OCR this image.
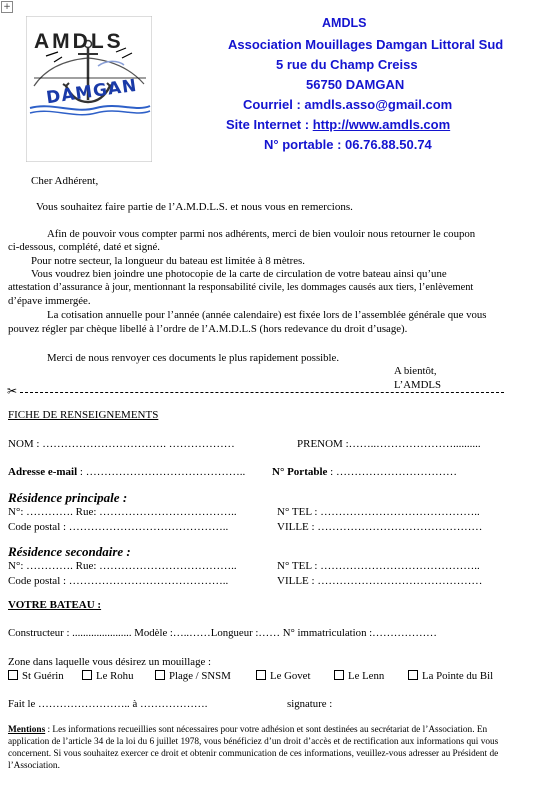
+
AMDLS
DAMGAN
AMDLS
Association Mouillages Damgan Littoral Sud
5 rue du Champ Creiss
56750 DAMGAN
Courriel : amdls.asso@gmail.com
Site Internet : http://www.amdls.com
N° portable : 06.76.88.50.74
Cher Adhérent,
Vous souhaitez faire partie de l’A.M.D.L.S. et nous vous en remercions.
Afin de pouvoir vous compter parmi nos adhérents, merci de bien vouloir nous retourner le coupon
ci-dessous, complété, daté et signé.
Pour notre secteur, la longueur du bateau est limitée à 8 mètres.
Vous voudrez bien joindre une photocopie de la carte de circulation de votre bateau ainsi qu’une
attestation d’assurance à jour, mentionnant la responsabilité civile, les dommages causés aux tiers, l’enlèvement
d’épave immergée.
La cotisation annuelle pour l’année (année calendaire) est fixée lors de l’assemblée générale que vous
pouvez régler par chèque libellé à l’ordre de l’A.M.D.L.S (hors redevance du droit d’usage).
Merci de nous renvoyer ces documents le plus rapidement possible.
A bientôt,
L’AMDLS
✂
FICHE DE RENSEIGNEMENTS
NOM : ……………………………. ………………	PRENOM :……..…………………..........
Adresse e-mail : …………………………………….. N° Portable : ……………………………
Résidence principale :
N°: …………. Rue: ………………………………..	N° TEL : ……………………………………..
Code postal : ……………………………………..	VILLE : ………………………………………
Résidence secondaire :
N°: …………. Rue: ………………………………..	N° TEL : ……………………………………..
Code postal : ……………………………………..	VILLE : ………………………………………
VOTRE BATEAU :
Constructeur : ...................... Modèle :…..……Longueur :…… N° immatriculation :………………
Zone dans laquelle vous désirez un mouillage :
St Guérin	Le Rohu	Plage / SNSM	Le Govet	Le Lenn	La Pointe du Bil
Fait le …………………….. à ……………….	signature :
Mentions : Les informations recueillies sont nécessaires pour votre adhésion et sont destinées au secrétariat de l’Association. En
application de l’article 34 de la loi du 6 juillet 1978, vous bénéficiez d’un droit d’accès et de rectification aux informations qui vous
concernent. Si vous souhaitez exercer ce droit et obtenir communication de ces informations, veuillez-vous adresser au Président de
l’Association.
